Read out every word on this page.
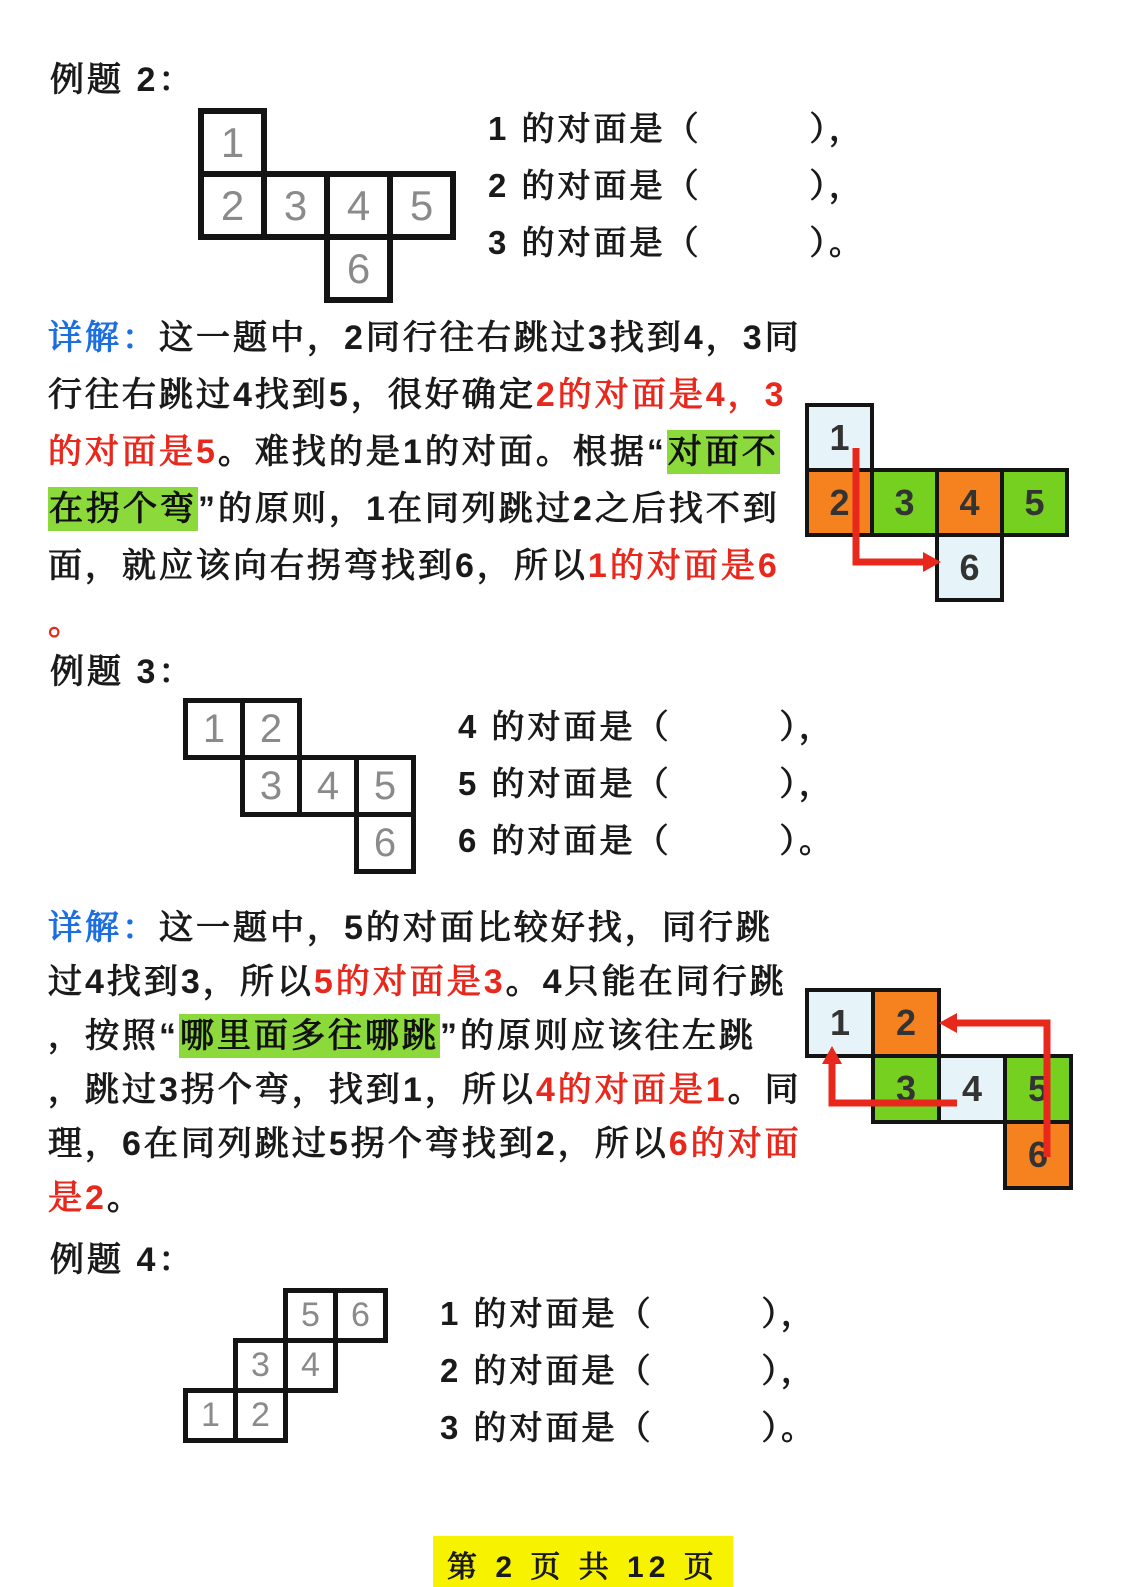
例题 2：
1
2 3 4 5
6
1 的对面是（　　　），
2 的对面是（　　　），
3 的对面是（　　　）。
详解：这一题中，2同行往右跳过3找到4，3同
行往右跳过4找到5，很好确定2的对面是4，3
的对面是5。难找的是1的对面。根据“对面不
在拐个弯”的原则，1在同列跳过2之后找不到
面，就应该向右拐弯找到6，所以1的对面是6
。
1
2	3	4	5
6
例题 3：
1 2
3 4 5
6
4 的对面是（　　　），
5 的对面是（　　　），
6 的对面是（　　　）。
详解：这一题中，5的对面比较好找，同行跳
过4找到3，所以5的对面是3。4只能在同行跳
，按照“哪里面多往哪跳”的原则应该往左跳
，跳过3拐个弯，找到1，所以4的对面是1。同
理，6在同列跳过5拐个弯找到2，所以6的对面
是2。
1	2
3	4	5
6
例题 4：
5 6
3 4
1 2
1 的对面是（　　　），
2 的对面是（　　　），
3 的对面是（　　　）。
第 2 页 共 12 页
